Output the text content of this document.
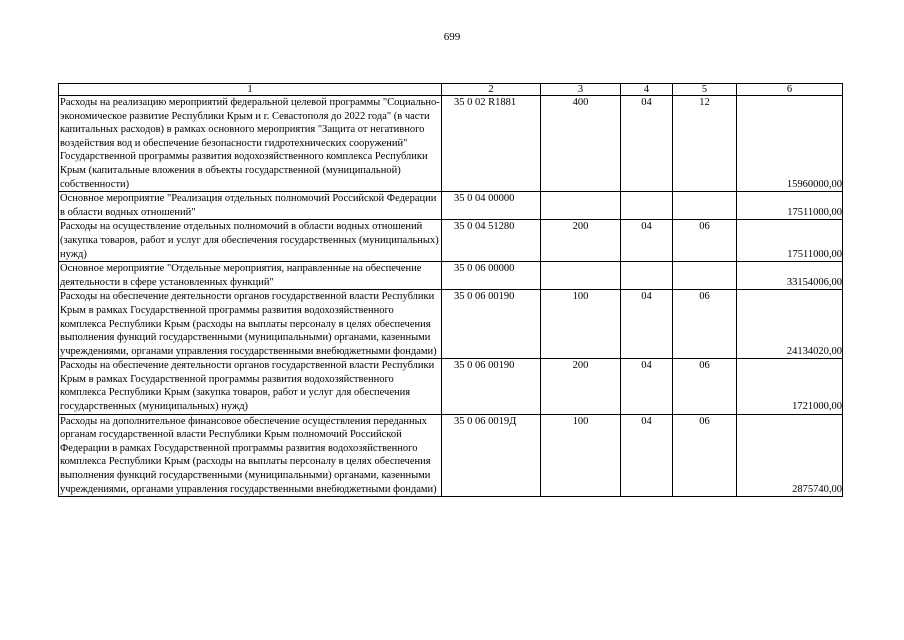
699
1	2	3	4	5	6
Расходы на реализацию мероприятий федеральной целевой программы "Социально-экономическое развитие Республики Крым и г. Севастополя до 2022 года" (в части капитальных расходов) в рамках основного мероприятия "Защита от негативного воздействия вод и обеспечение безопасности гидротехнических сооружений" Государственной программы развития водохозяйственного комплекса Республики Крым (капитальные вложения в объекты государственной (муниципальной) собственности)	35 0 02 R1881	400	04	12	15960000,00
Основное мероприятие "Реализация отдельных полномочий Российской Федерации в области водных отношений"	35 0 04 00000				17511000,00
Расходы на осуществление отдельных полномочий в области водных отношений (закупка товаров, работ и услуг для обеспечения государственных (муниципальных) нужд)	35 0 04 51280	200	04	06	17511000,00
Основное мероприятие "Отдельные мероприятия, направленные на обеспечение деятельности в сфере установленных функций"	35 0 06 00000				33154006,00
Расходы на обеспечение деятельности органов государственной власти Республики Крым в рамках Государственной программы развития водохозяйственного комплекса Республики Крым (расходы на выплаты персоналу в целях обеспечения выполнения функций государственными (муниципальными) органами, казенными учреждениями, органами управления государственными внебюджетными фондами)	35 0 06 00190	100	04	06	24134020,00
Расходы на обеспечение деятельности органов государственной власти Республики Крым в рамках Государственной программы развития водохозяйственного комплекса Республики Крым (закупка товаров, работ и услуг для обеспечения государственных (муниципальных) нужд)	35 0 06 00190	200	04	06	1721000,00
Расходы на дополнительное финансовое обеспечение осуществления переданных органам государственной власти Республики Крым полномочий Российской Федерации в рамках Государственной программы развития водохозяйственного комплекса Республики Крым (расходы на выплаты персоналу в целях обеспечения выполнения функций государственными (муниципальными) органами, казенными учреждениями, органами управления государственными внебюджетными фондами)	35 0 06 0019Д	100	04	06	2875740,00
